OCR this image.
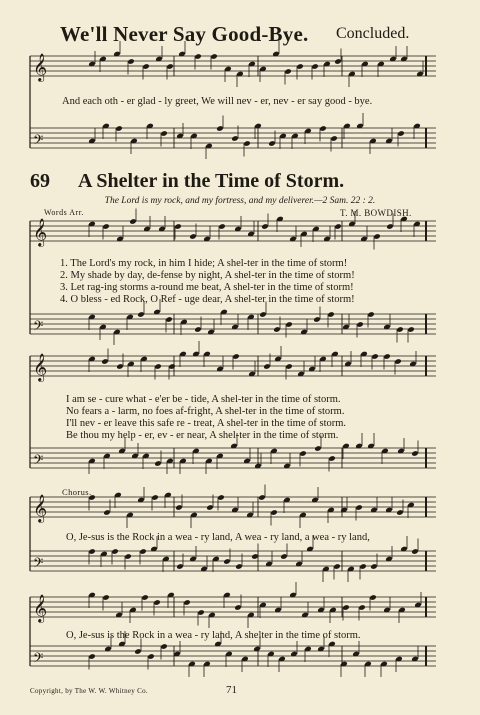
𝄞
𝄢
𝄞
𝄢
𝄞
𝄢
𝄞
𝄢
𝄞
𝄢
We'll Never Say Good-Bye. Concluded.
And each oth - er glad - ly greet, We will nev - er, nev - er say good - bye.
69 A Shelter in the Time of Storm.
The Lord is my rock, and my fortress, and my deliverer.—2 Sam. 22 : 2.
Words Arr.	T. M. BOWDISH.
1. The Lord's my rock, in him I hide; A shel-ter in the time of storm!
2. My shade by day, de-fense by night, A shel-ter in the time of storm!
3. Let rag-ing storms a-round me beat, A shel-ter in the time of storm!
4. O bless - ed Rock, O Ref - uge dear, A shel-ter in the time of storm!
I am se - cure what - e'er be - tide, A shel-ter in the time of storm.
No fears a - larm, no foes af-fright, A shel-ter in the time of storm.
I'll nev - er leave this safe re - treat, A shel-ter in the time of storm.
Be thou my help - er, ev - er near, A shel-ter in the time of storm.
Chorus.
O, Je-sus is the Rock in a wea - ry land, A wea - ry land, a wea - ry land,
O, Je-sus is the Rock in a wea - ry land, A shelter in the time of storm.
Copyright, by The W. W. Whitney Co.	71
